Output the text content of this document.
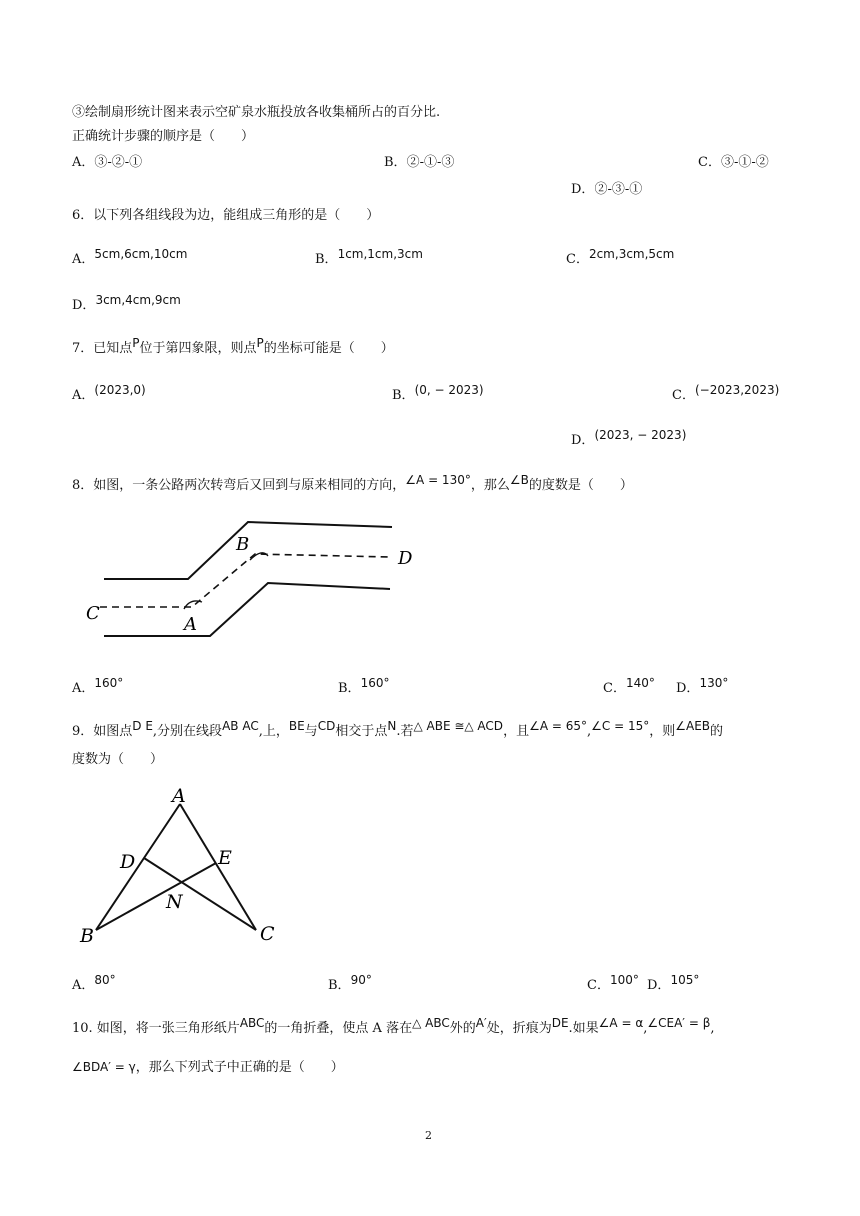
③绘制扇形统计图来表示空矿泉水瓶投放各收集桶所占的百分比.
正确统计步骤的顺序是（　　）
A．③-②-①	B．②-①-③	C．③-①-②
D．②-③-①
6．以下列各组线段为边，能组成三角形的是（　　）
A．5cm,6cm,10cm	B．1cm,1cm,3cm	C．2cm,3cm,5cm
D．3cm,4cm,9cm
7．已知点P位于第四象限，则点P的坐标可能是（　　）
A．(2023,0)	B．(0, − 2023)	C．(−2023,2023)
D．(2023, − 2023)
8．如图，一条公路两次转弯后又回到与原来相同的方向，∠A = 130°，那么∠B的度数是（　　）
C
A
B
D
A．160°	B．160°	C．140° D．130°
9．如图点D E,分别在线段AB AC,上，BE与CD相交于点N.若△ ABE ≅△ ACD，且∠A = 65°,∠C = 15°，则∠AEB的
度数为（　　）
A
D	E
N
B	C
A．80°	B．90°	C．100° D．105°
10. 如图，将一张三角形纸片ABC的一角折叠，使点 A 落在△ ABC外的A′处，折痕为DE.如果∠A = α,∠CEA′ = β,
∠BDA′ = γ，那么下列式子中正确的是（　　）
2
